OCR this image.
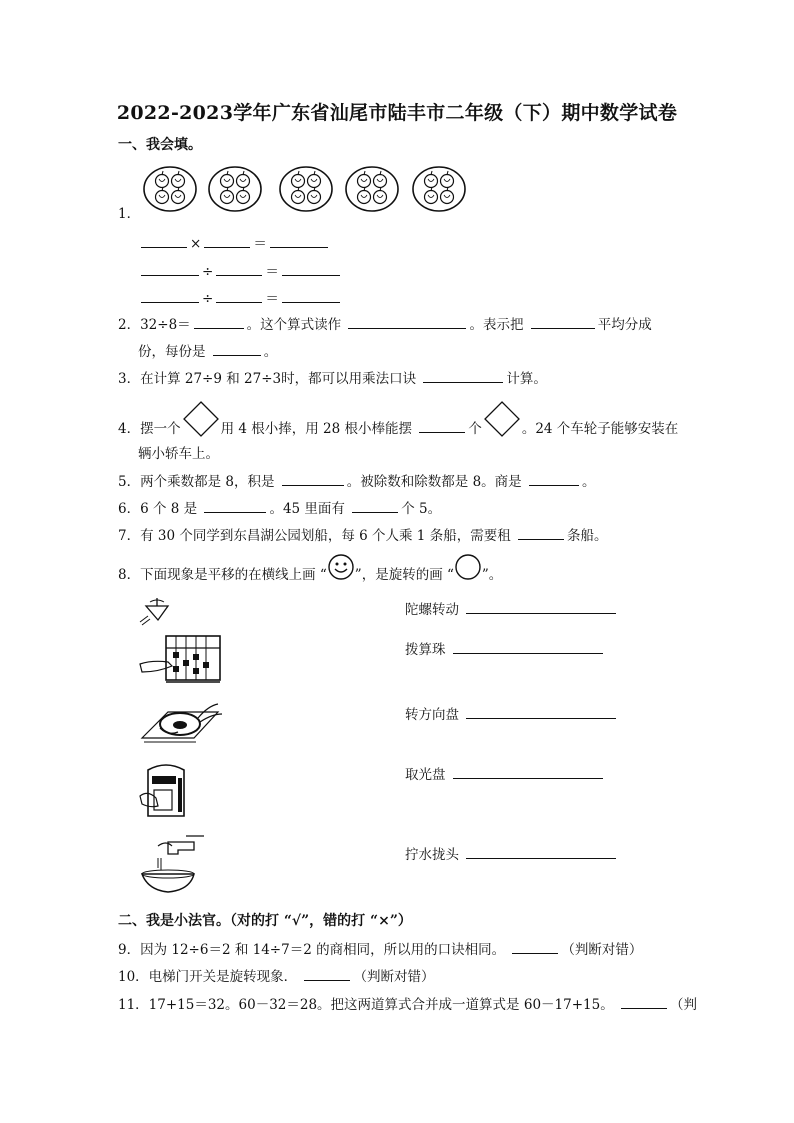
2022-2023学年广东省汕尾市陆丰市二年级（下）期中数学试卷
一、我会填。
1．
×	＝
÷	＝
÷	＝
2．32÷8＝	。这个算式读作	。表示把	平均分成
份，每份是	。
3．在计算 27÷9 和 27÷3时，都可以用乘法口诀	计算。
4．摆一个	用 4 根小捧，用 28 根小棒能摆	个	。24 个车轮子能够安装在
辆小轿车上。
5．两个乘数都是 8，积是	。被除数和除数都是 8。商是	。
6．6 个 8 是	。45 里面有	个 5。
7．有 30 个同学到东昌湖公园划船，每 6 个人乘 1 条船，需要租	条船。
8．下面现象是平移的在横线上画 “ ”，是旋转的画 “ ”。
陀螺转动
拨算珠
转方向盘
取光盘
拧水拢头
二、我是小法官。（对的打 “√”，错的打 “×”）
9．因为 12÷6＝2 和 14÷7＝2 的商相同，所以用的口诀相同。	（判断对错）
10．电梯门开关是旋转现象．	（判断对错）
11．17+15＝32。60－32＝28。把这两道算式合并成一道算式是 60－17+15。	（判
